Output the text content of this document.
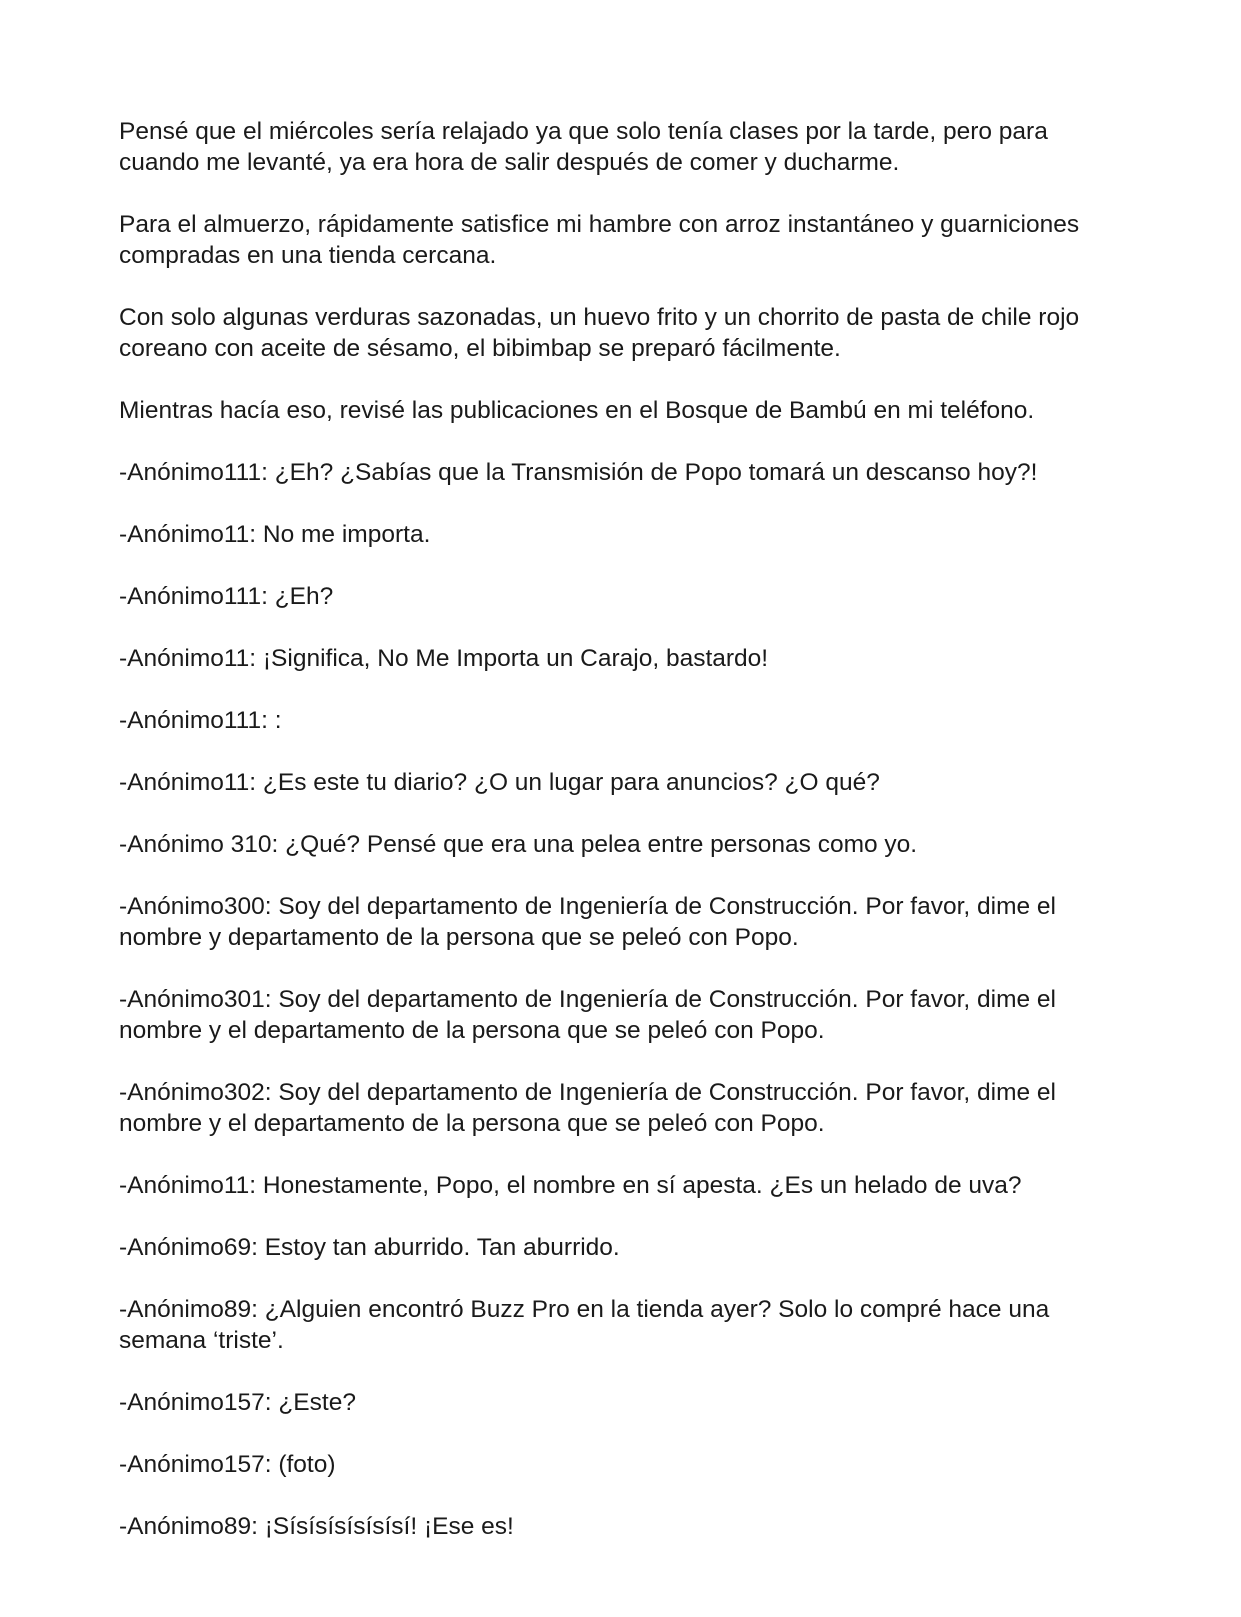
Pensé que el miércoles sería relajado ya que solo tenía clases por la tarde, pero para cuando me levanté, ya era hora de salir después de comer y ducharme.

Para el almuerzo, rápidamente satisfice mi hambre con arroz instantáneo y guarniciones compradas en una tienda cercana.

Con solo algunas verduras sazonadas, un huevo frito y un chorrito de pasta de chile rojo coreano con aceite de sésamo, el bibimbap se preparó fácilmente.

Mientras hacía eso, revisé las publicaciones en el Bosque de Bambú en mi teléfono.

-Anónimo111: ¿Eh? ¿Sabías que la Transmisión de Popo tomará un descanso hoy?!

-Anónimo11: No me importa.

-Anónimo111: ¿Eh?

-Anónimo11: ¡Significa, No Me Importa un Carajo, bastardo!

-Anónimo111: :

-Anónimo11: ¿Es este tu diario? ¿O un lugar para anuncios? ¿O qué?

-Anónimo 310: ¿Qué? Pensé que era una pelea entre personas como yo.

-Anónimo300: Soy del departamento de Ingeniería de Construcción. Por favor, dime el nombre y departamento de la persona que se peleó con Popo.

-Anónimo301: Soy del departamento de Ingeniería de Construcción. Por favor, dime el nombre y el departamento de la persona que se peleó con Popo.

-Anónimo302: Soy del departamento de Ingeniería de Construcción. Por favor, dime el nombre y el departamento de la persona que se peleó con Popo.

-Anónimo11: Honestamente, Popo, el nombre en sí apesta. ¿Es un helado de uva?

-Anónimo69: Estoy tan aburrido. Tan aburrido.

-Anónimo89: ¿Alguien encontró Buzz Pro en la tienda ayer? Solo lo compré hace una semana ‘triste’.

-Anónimo157: ¿Este?

-Anónimo157: (foto)

-Anónimo89: ¡Sísísísísísísí! ¡Ese es!
